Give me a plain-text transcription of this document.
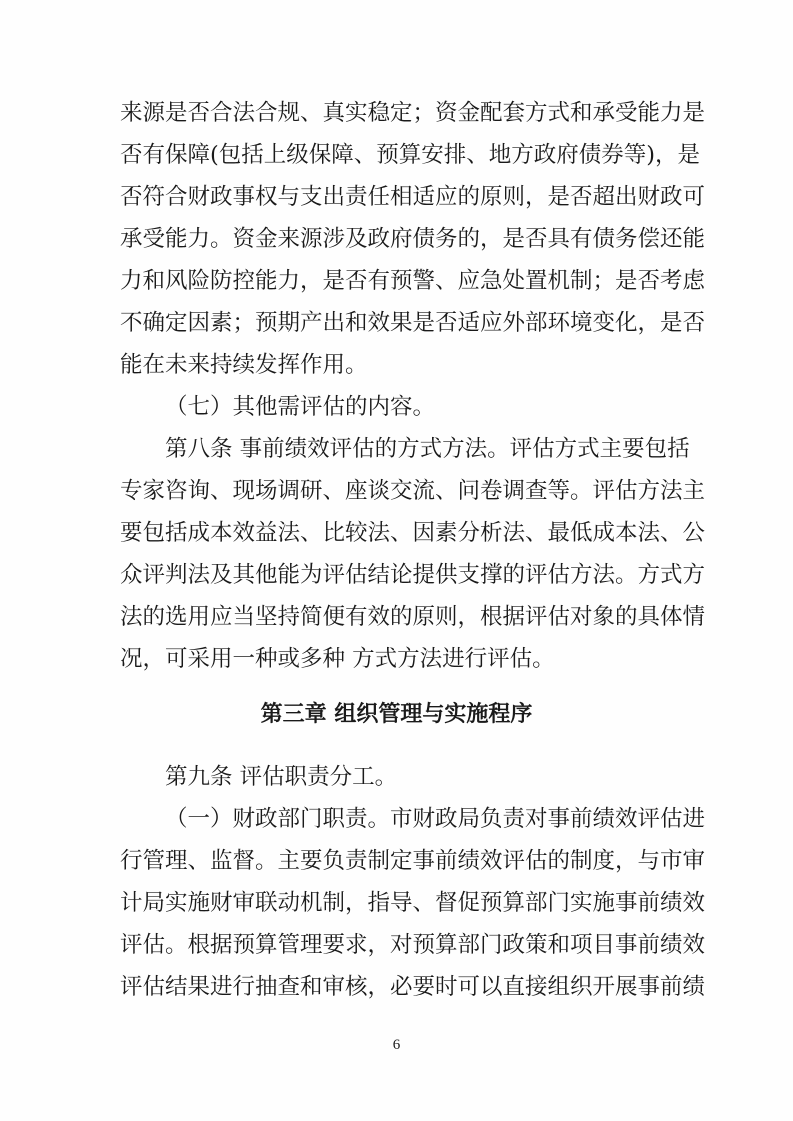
来源是否合法合规、真实稳定；资金配套方式和承受能力是
否有保障(包括上级保障、预算安排、地方政府债券等)，是
否符合财政事权与支出责任相适应的原则，是否超出财政可
承受能力。资金来源涉及政府债务的，是否具有债务偿还能
力和风险防控能力，是否有预警、应急处置机制；是否考虑
不确定因素；预期产出和效果是否适应外部环境变化，是否
能在未来持续发挥作用。
（七）其他需评估的内容。
第八条 事前绩效评估的方式方法。评估方式主要包括
专家咨询、现场调研、座谈交流、问卷调查等。评估方法主
要包括成本效益法、比较法、因素分析法、最低成本法、公
众评判法及其他能为评估结论提供支撑的评估方法。方式方
法的选用应当坚持简便有效的原则，根据评估对象的具体情
况，可采用一种或多种 方式方法进行评估。
第三章 组织管理与实施程序
第九条 评估职责分工。
（一）财政部门职责。市财政局负责对事前绩效评估进
行管理、监督。主要负责制定事前绩效评估的制度，与市审
计局实施财审联动机制，指导、督促预算部门实施事前绩效
评估。根据预算管理要求，对预算部门政策和项目事前绩效
评估结果进行抽查和审核，必要时可以直接组织开展事前绩
6
